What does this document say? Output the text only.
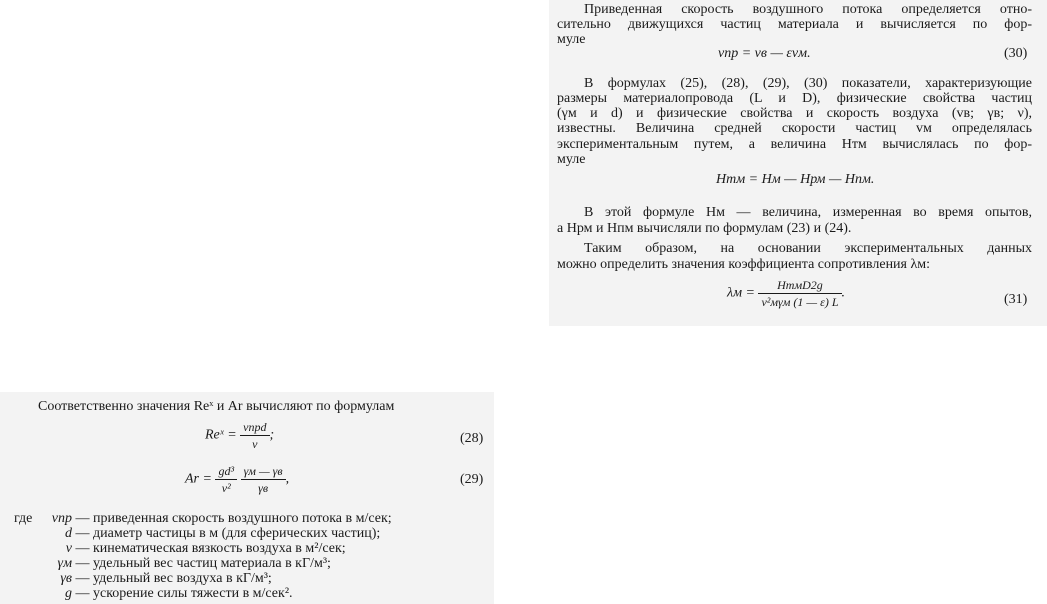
Приведенная скорость воздушного потока определяется отно-
сительно движущихся частиц материала и вычисляется по фор-
муле
vпр = vв — εvм.	(30)
В формулах (25), (28), (29), (30) показатели, характеризующие
размеры материалопровода (L и D), физические свойства частиц
(γм и d) и физические свойства и скорость воздуха (vв; γв; ν),
известны. Величина средней скорости частиц vм определялась
экспериментальным путем, а величина Hтм вычислялась по фор-
муле
Hтм = Hм — Hрм — Hпм.
В этой формуле Hм — величина, измеренная во время опытов,
а Hрм и Hпм вычисляли по формулам (23) и (24).
Таким образом, на основании экспериментальных данных
можно определить значения коэффициента сопротивления λм:
$\lambda м = \frac{\text{HтмD2g}}{\text{v²мγм (1 — ε) L}}$ .	(31)
Соответственно значения Reˣ и Ar вычисляют по формулам
Reˣ = $\frac{\text{vпрd}}{\nu}$ ;	(28)
$Ar = \frac{\text{gd³}}{\text{ν²}}$
$\frac{\gamma м — \gamma в}{\gamma в}$ ,	(29)
где	vпр — приведенная скорость воздушного потока в м/сек;
d — диаметр частицы в м (для сферических частиц);
ν — кинематическая вязкость воздуха в м²/сек;
γм — удельный вес частиц материала в кГ/м³;
γв — удельный вес воздуха в кГ/м³;
g — ускорение силы тяжести в м/сек².
